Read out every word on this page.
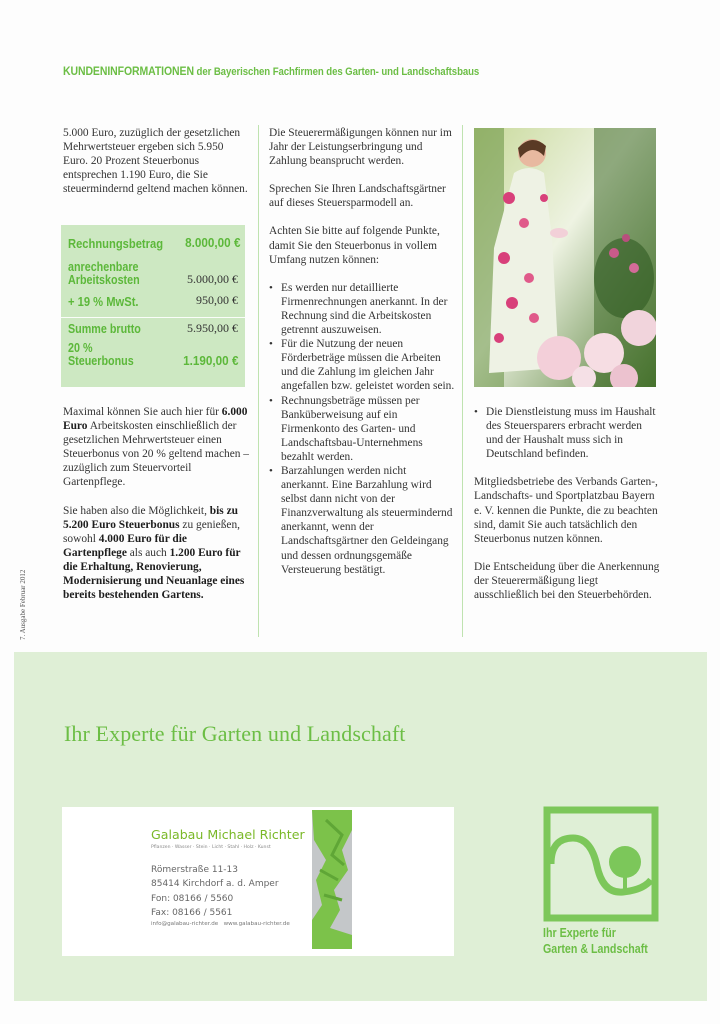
KUNDENINFORMATIONEN der Bayerischen Fachfirmen des Garten- und Landschaftsbaus
7. Ausgabe Februar 2012

5.000 Euro, zuzüglich der gesetzlichen Mehrwertsteuer ergeben sich 5.950 Euro. 20 Prozent Steuerbonus entsprechen 1.190 Euro, die Sie steuermindernd geltend machen können.

Rechnungsbetrag 8.000,00 €
anrechenbare Arbeitskosten	5.000,00 €
+ 19 % MwSt.	950,00 €
Summe brutto	5.950,00 €
20 % Steuerbonus	1.190,00 €

Maximal können Sie auch hier für 6.000 Euro Arbeitskosten einschließlich der gesetzlichen Mehrwertsteuer einen Steuerbonus von 20 % geltend machen – zuzüglich zum Steuervorteil Gartenpflege.

Sie haben also die Möglichkeit, bis zu 5.200 Euro Steuerbonus zu genießen, sowohl 4.000 Euro für die Gartenpflege als auch 1.200 Euro für die Erhaltung, Renovierung, Modernisierung und Neuanlage eines bereits bestehenden Gartens.

Die Steuerermäßigungen können nur im Jahr der Leistungserbringung und Zahlung beansprucht werden.

Sprechen Sie Ihren Landschaftsgärtner auf dieses Steuersparmodell an.

Achten Sie bitte auf folgende Punkte, damit Sie den Steuerbonus in vollem Umfang nutzen können:

• Es werden nur detaillierte Firmenrechnungen anerkannt. In der Rechnung sind die Arbeitskosten getrennt auszuweisen.
• Für die Nutzung der neuen Förderbeträge müssen die Arbeiten und die Zahlung im gleichen Jahr angefallen bzw. geleistet worden sein.
• Rechnungsbeträge müssen per Banküberweisung auf ein Firmenkonto des Garten- und Landschaftsbau-Unternehmens bezahlt werden.
• Barzahlungen werden nicht anerkannt. Eine Barzahlung wird selbst dann nicht von der Finanzverwaltung als steuermindernd anerkannt, wenn der Landschaftsgärtner den Geldeingang und dessen ordnungsgemäße Versteuerung bestätigt.
• Die Dienstleistung muss im Haushalt des Steuersparers erbracht werden und der Haushalt muss sich in Deutschland befinden.

Mitgliedsbetriebe des Verbands Garten-, Landschafts- und Sportplatzbau Bayern e. V. kennen die Punkte, die zu beachten sind, damit Sie auch tatsächlich den Steuerbonus nutzen können.

Die Entscheidung über die Anerkennung der Steuerermäßigung liegt ausschließlich bei den Steuerbehörden.

Ihr Experte für Garten und Landschaft
Galabau Michael Richter
Pflanzen · Wasser · Stein · Licht · Stahl · Holz · Kunst
Römerstraße 11-13
85414 Kirchdorf a. d. Amper
Fon: 08166 / 5560
Fax: 08166 / 5561
info@galabau-richter.de www.galabau-richter.de
Ihr Experte für
Garten & Landschaft
